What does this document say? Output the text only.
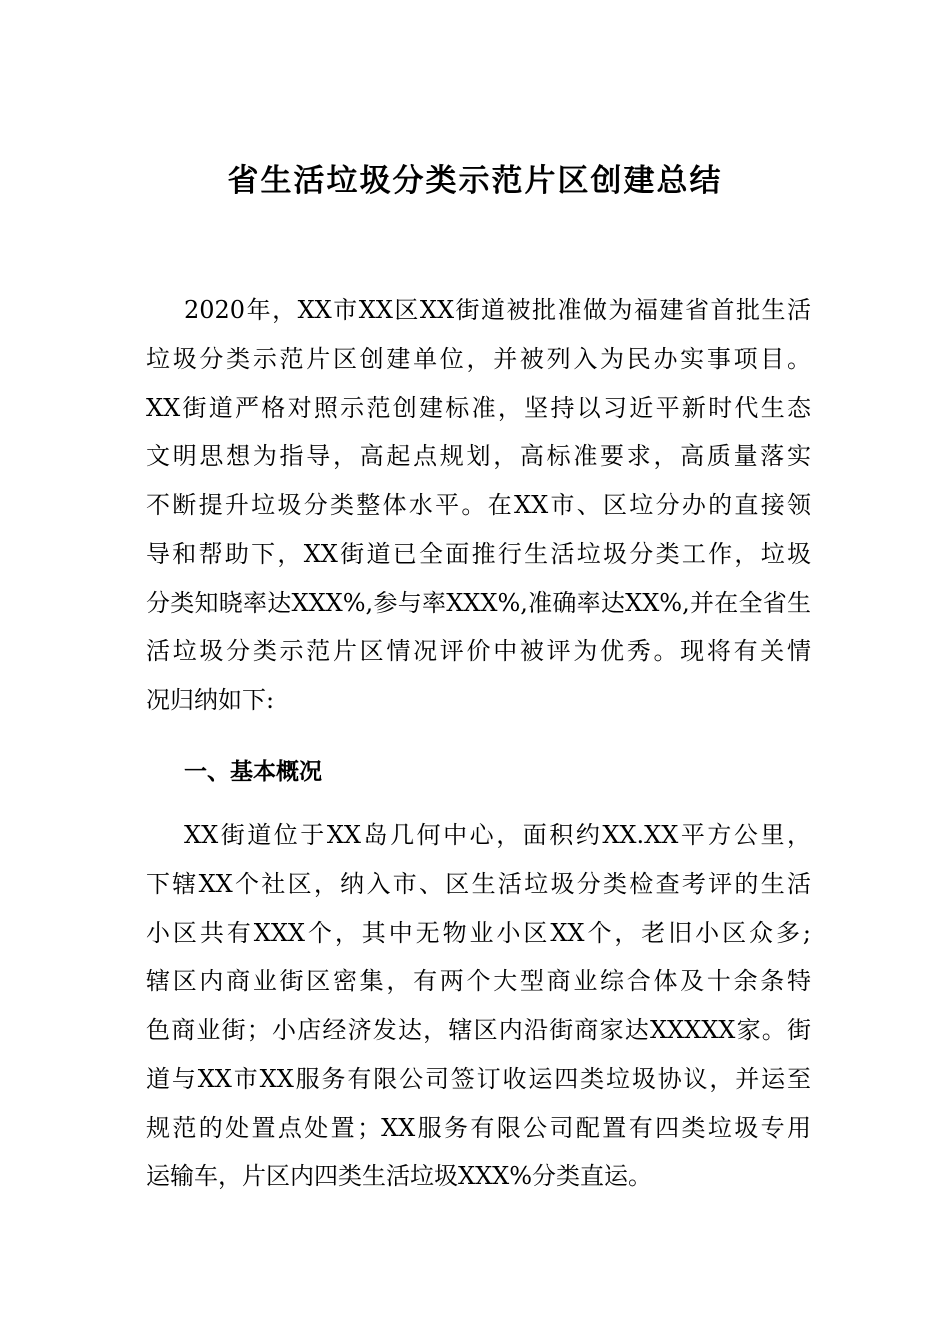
省生活垃圾分类示范片区创建总结
2020年，XX市XX区XX街道被批准做为福建省首批生活
垃圾分类示范片区创建单位，并被列入为民办实事项目。
XX街道严格对照示范创建标准，坚持以习近平新时代生态
文明思想为指导，高起点规划，高标准要求，高质量落实
不断提升垃圾分类整体水平。在XX市、区垃分办的直接领
导和帮助下，XX街道已全面推行生活垃圾分类工作，垃圾
分类知晓率达XXX%,参与率XXX%,准确率达XX%,并在全省生
活垃圾分类示范片区情况评价中被评为优秀。现将有关情
况归纳如下:
一、基本概况
XX街道位于XX岛几何中心，面积约XX.XX平方公里，
下辖XX个社区，纳入市、区生活垃圾分类检查考评的生活
小区共有XXX个，其中无物业小区XX个，老旧小区众多;
辖区内商业街区密集，有两个大型商业综合体及十余条特
色商业街；小店经济发达，辖区内沿街商家达XXXXX家。街
道与XX市XX服务有限公司签订收运四类垃圾协议，并运至
规范的处置点处置；XX服务有限公司配置有四类垃圾专用
运输车，片区内四类生活垃圾XXX%分类直运。
